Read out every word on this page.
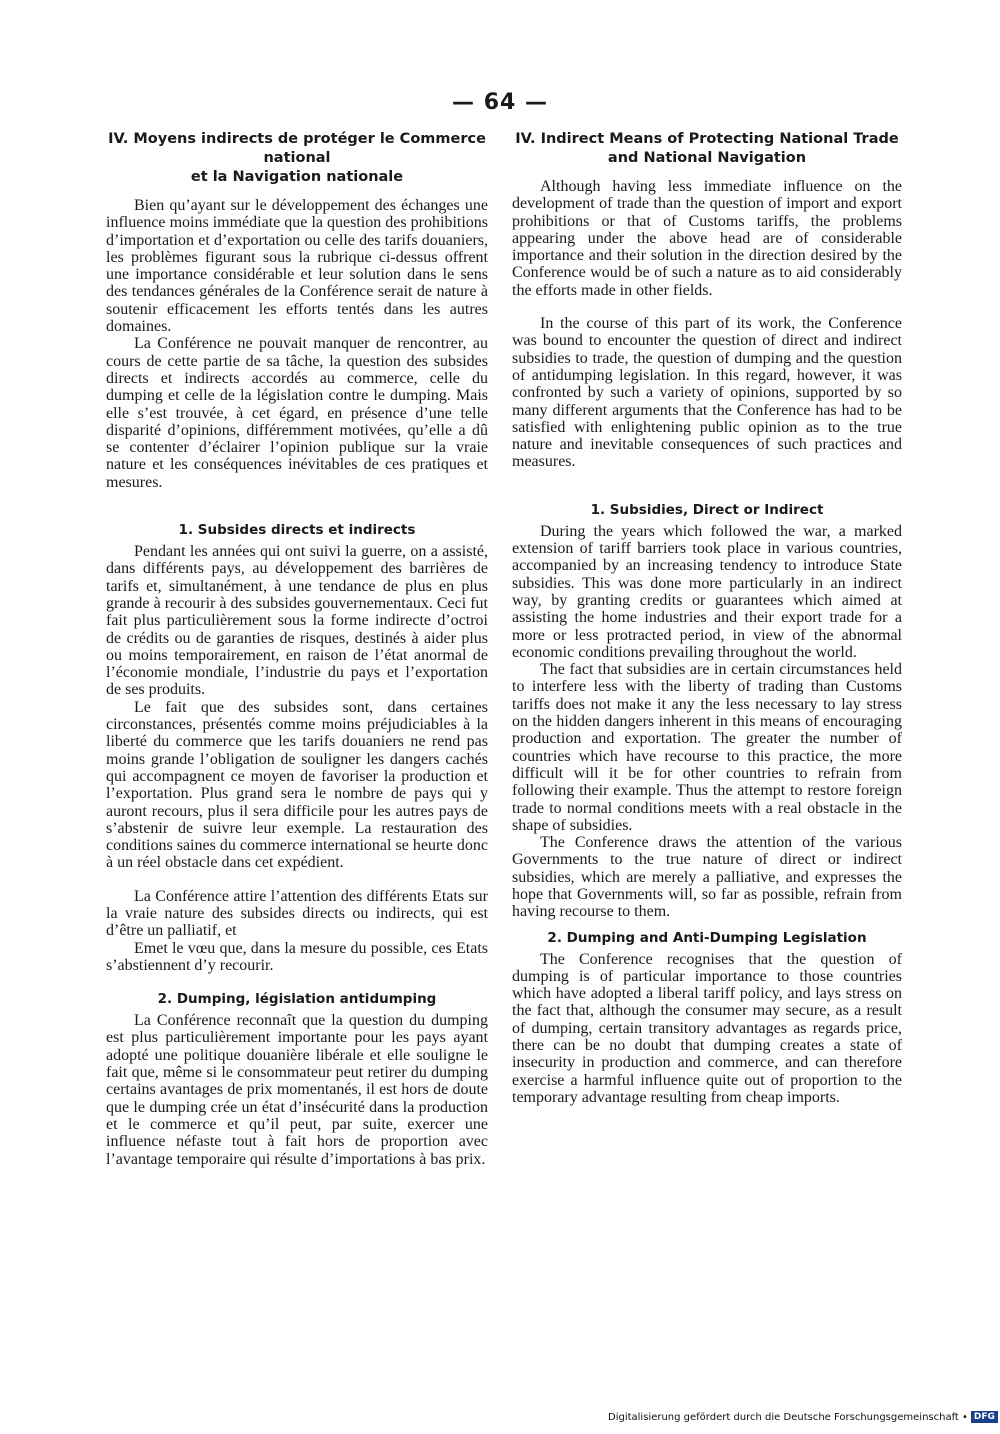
— 64 —
IV. Moyens indirects de protéger le Commerce national
et la Navigation nationale

Bien qu’ayant sur le développement des échanges une influence moins immédiate que la question des prohibitions d’importation et d’exportation ou celle des tarifs douaniers, les problèmes figurant sous la rubrique ci-dessus offrent une importance considérable et leur solution dans le sens des tendances générales de la Conférence serait de nature à soutenir efficacement les efforts tentés dans les autres domaines.

La Conférence ne pouvait manquer de rencontrer, au cours de cette partie de sa tâche, la question des subsides directs et indirects accordés au commerce, celle du dumping et celle de la législation contre le dumping. Mais elle s’est trouvée, à cet égard, en présence d’une telle disparité d’opinions, différemment motivées, qu’elle a dû se contenter d’éclairer l’opinion publique sur la vraie nature et les conséquences inévitables de ces pratiques et mesures.

1. Subsides directs et indirects

Pendant les années qui ont suivi la guerre, on a assisté, dans différents pays, au développement des barrières de tarifs et, simultanément, à une tendance de plus en plus grande à recourir à des subsides gouvernementaux. Ceci fut fait plus particulièrement sous la forme indirecte d’octroi de crédits ou de garanties de risques, destinés à aider plus ou moins temporairement, en raison de l’état anormal de l’économie mondiale, l’industrie du pays et l’exportation de ses produits.

Le fait que des subsides sont, dans certaines circonstances, présentés comme moins préjudiciables à la liberté du commerce que les tarifs douaniers ne rend pas moins grande l’obligation de souligner les dangers cachés qui accompagnent ce moyen de favoriser la production et l’exportation. Plus grand sera le nombre de pays qui y auront recours, plus il sera difficile pour les autres pays de s’abstenir de suivre leur exemple. La restauration des conditions saines du commerce international se heurte donc à un réel obstacle dans cet expédient.

La Conférence attire l’attention des différents Etats sur la vraie nature des subsides directs ou indirects, qui est d’être un palliatif, et

Emet le vœu que, dans la mesure du possible, ces Etats s’abstiennent d’y recourir.

2. Dumping, législation antidumping

La Conférence reconnaît que la question du dumping est plus particulièrement importante pour les pays ayant adopté une politique douanière libérale et elle souligne le fait que, même si le consommateur peut retirer du dumping certains avantages de prix momentanés, il est hors de doute que le dumping crée un état d’insécurité dans la production et le commerce et qu’il peut, par suite, exercer une influence néfaste tout à fait hors de proportion avec l’avantage temporaire qui résulte d’importations à bas prix.

IV. Indirect Means of Protecting National Trade
and National Navigation

Although having less immediate influence on the development of trade than the question of import and export prohibitions or that of Customs tariffs, the problems appearing under the above head are of considerable importance and their solution in the direction desired by the Conference would be of such a nature as to aid considerably the efforts made in other fields.

In the course of this part of its work, the Conference was bound to encounter the question of direct and indirect subsidies to trade, the question of dumping and the question of antidumping legislation. In this regard, however, it was confronted by such a variety of opinions, supported by so many different arguments that the Conference has had to be satisfied with enlightening public opinion as to the true nature and inevitable consequences of such practices and measures.

1. Subsidies, Direct or Indirect

During the years which followed the war, a marked extension of tariff barriers took place in various countries, accompanied by an increasing tendency to introduce State subsidies. This was done more particularly in an indirect way, by granting credits or guarantees which aimed at assisting the home industries and their export trade for a more or less protracted period, in view of the abnormal economic conditions prevailing throughout the world.

The fact that subsidies are in certain circumstances held to interfere less with the liberty of trading than Customs tariffs does not make it any the less necessary to lay stress on the hidden dangers inherent in this means of encouraging production and exportation. The greater the number of countries which have recourse to this practice, the more difficult will it be for other countries to refrain from following their example. Thus the attempt to restore foreign trade to normal conditions meets with a real obstacle in the shape of subsidies.

The Conference draws the attention of the various Governments to the true nature of direct or indirect subsidies, which are merely a palliative, and expresses the hope that Governments will, so far as possible, refrain from having recourse to them.

2. Dumping and Anti-Dumping Legislation

The Conference recognises that the question of dumping is of particular importance to those countries which have adopted a liberal tariff policy, and lays stress on the fact that, although the consumer may secure, as a result of dumping, certain transitory advantages as regards price, there can be no doubt that dumping creates a state of insecurity in production and commerce, and can therefore exercise a harmful influence quite out of proportion to the temporary advantage resulting from cheap imports.

Digitalisierung gefördert durch die Deutsche Forschungsgemeinschaft • DFG
